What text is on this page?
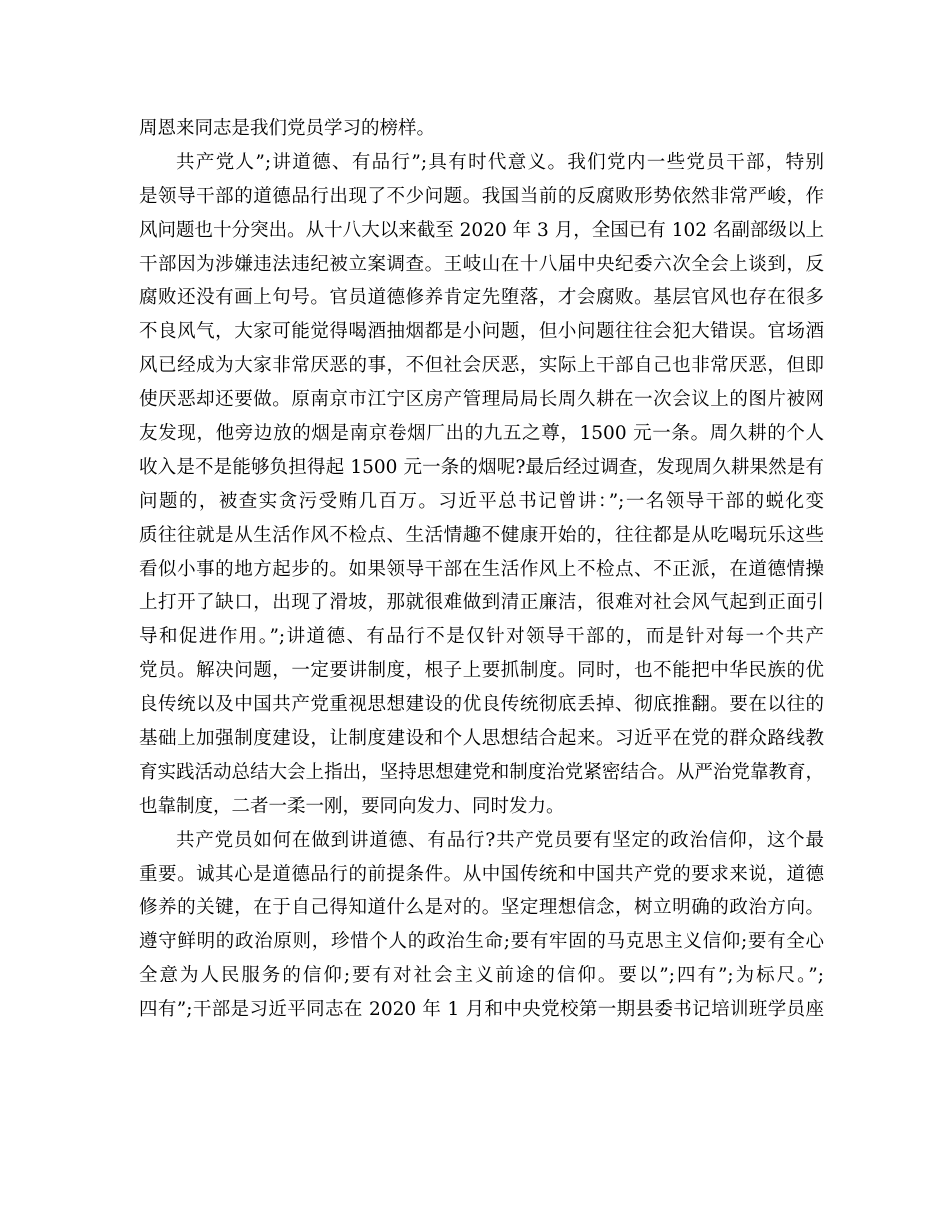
周恩来同志是我们党员学习的榜样。
共产党人”;讲道德、有品行”;具有时代意义。我们党内一些党员干部，特别
是领导干部的道德品行出现了不少问题。我国当前的反腐败形势依然非常严峻，作
风问题也十分突出。从十八大以来截至 2020 年 3 月，全国已有 102 名副部级以上
干部因为涉嫌违法违纪被立案调查。王岐山在十八届中央纪委六次全会上谈到，反
腐败还没有画上句号。官员道德修养肯定先堕落，才会腐败。基层官风也存在很多
不良风气，大家可能觉得喝酒抽烟都是小问题，但小问题往往会犯大错误。官场酒
风已经成为大家非常厌恶的事，不但社会厌恶，实际上干部自己也非常厌恶，但即
使厌恶却还要做。原南京市江宁区房产管理局局长周久耕在一次会议上的图片被网
友发现，他旁边放的烟是南京卷烟厂出的九五之尊，1500 元一条。周久耕的个人
收入是不是能够负担得起 1500 元一条的烟呢?最后经过调查，发现周久耕果然是有
问题的，被查实贪污受贿几百万。习近平总书记曾讲：”;一名领导干部的蜕化变
质往往就是从生活作风不检点、生活情趣不健康开始的，往往都是从吃喝玩乐这些
看似小事的地方起步的。如果领导干部在生活作风上不检点、不正派，在道德情操
上打开了缺口，出现了滑坡，那就很难做到清正廉洁，很难对社会风气起到正面引
导和促进作用。”;讲道德、有品行不是仅针对领导干部的，而是针对每一个共产
党员。解决问题，一定要讲制度，根子上要抓制度。同时，也不能把中华民族的优
良传统以及中国共产党重视思想建设的优良传统彻底丢掉、彻底推翻。要在以往的
基础上加强制度建设，让制度建设和个人思想结合起来。习近平在党的群众路线教
育实践活动总结大会上指出，坚持思想建党和制度治党紧密结合。从严治党靠教育，
也靠制度，二者一柔一刚，要同向发力、同时发力。
共产党员如何在做到讲道德、有品行?共产党员要有坚定的政治信仰，这个最
重要。诚其心是道德品行的前提条件。从中国传统和中国共产党的要求来说，道德
修养的关键，在于自己得知道什么是对的。坚定理想信念，树立明确的政治方向。
遵守鲜明的政治原则，珍惜个人的政治生命;要有牢固的马克思主义信仰;要有全心
全意为人民服务的信仰;要有对社会主义前途的信仰。要以”;四有”;为标尺。”;
四有”;干部是习近平同志在 2020 年 1 月和中央党校第一期县委书记培训班学员座
